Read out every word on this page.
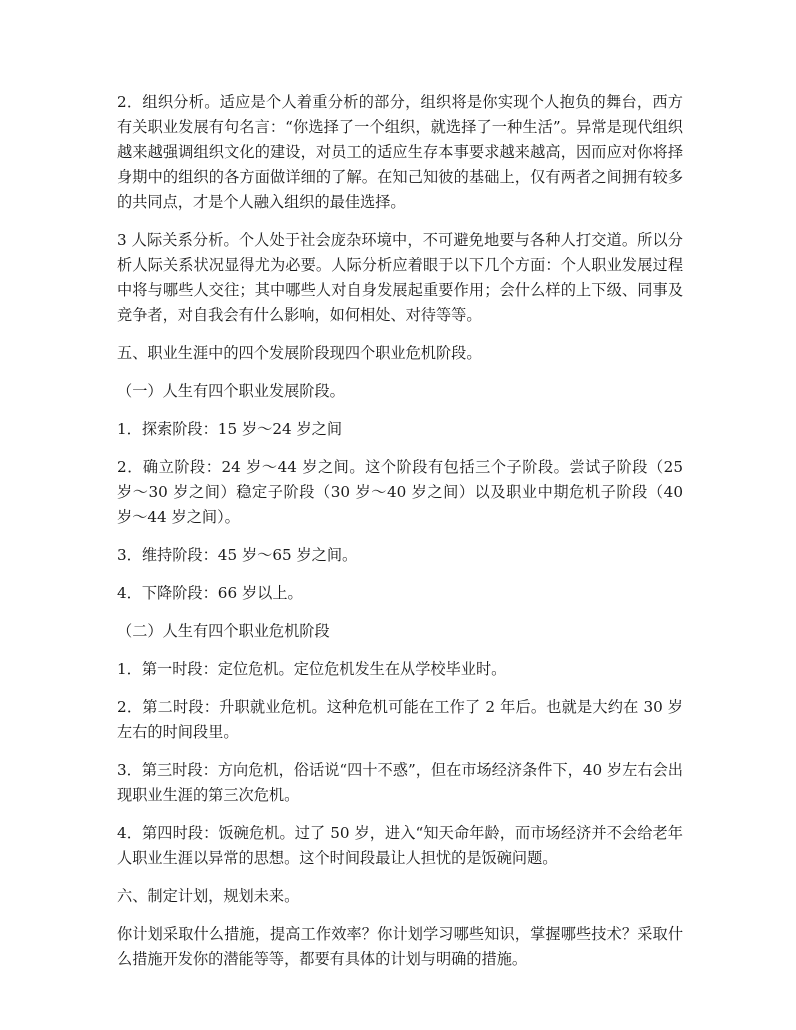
2．组织分析。适应是个人着重分析的部分，组织将是你实现个人抱负的舞台，西方有关职业发展有句名言：“你选择了一个组织，就选择了一种生活”。异常是现代组织越来越强调组织文化的建设，对员工的适应生存本事要求越来越高，因而应对你将择身期中的组织的各方面做详细的了解。在知己知彼的基础上，仅有两者之间拥有较多的共同点，才是个人融入组织的最佳选择。

3 人际关系分析。个人处于社会庞杂环境中，不可避免地要与各种人打交道。所以分析人际关系状况显得尤为必要。人际分析应着眼于以下几个方面：个人职业发展过程中将与哪些人交往；其中哪些人对自身发展起重要作用；会什么样的上下级、同事及竞争者，对自我会有什么影响，如何相处、对待等等。

五、职业生涯中的四个发展阶段现四个职业危机阶段。

（一）人生有四个职业发展阶段。

1．探索阶段：15 岁～24 岁之间

2．确立阶段：24 岁～44 岁之间。这个阶段有包括三个子阶段。尝试子阶段（25 岁～30 岁之间）稳定子阶段（30 岁～40 岁之间）以及职业中期危机子阶段（40 岁～44 岁之间）。

3．维持阶段：45 岁～65 岁之间。

4．下降阶段：66 岁以上。

（二）人生有四个职业危机阶段

1．第一时段：定位危机。定位危机发生在从学校毕业时。

2．第二时段：升职就业危机。这种危机可能在工作了 2 年后。也就是大约在 30 岁左右的时间段里。

3．第三时段：方向危机，俗话说“四十不惑”，但在市场经济条件下，40 岁左右会出现职业生涯的第三次危机。

4．第四时段：饭碗危机。过了 50 岁，进入“知天命年龄，而市场经济并不会给老年人职业生涯以异常的思想。这个时间段最让人担忧的是饭碗问题。

六、制定计划，规划未来。

你计划采取什么措施，提高工作效率？你计划学习哪些知识，掌握哪些技术？采取什么措施开发你的潜能等等，都要有具体的计划与明确的措施。
